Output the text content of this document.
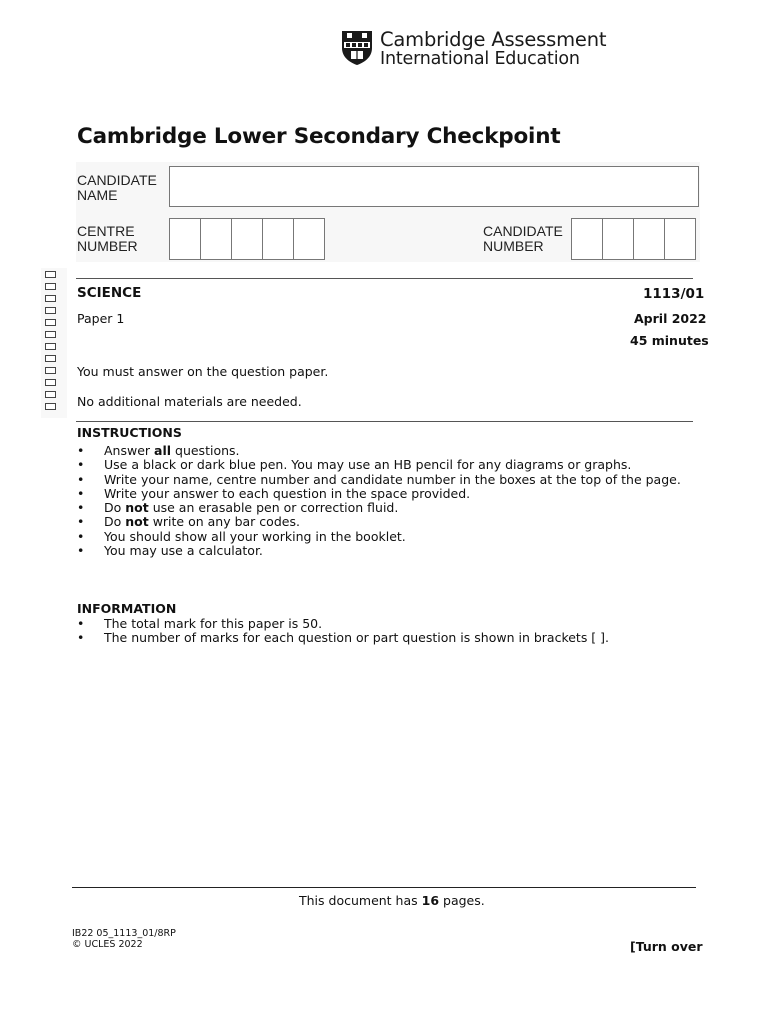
Cambridge Assessment
International Education
Cambridge Lower Secondary Checkpoint
CANDIDATE
NAME
CENTRE
NUMBER
CANDIDATE
NUMBER
SCIENCE	1113/01
Paper 1	April 2022
45 minutes
You must answer on the question paper.
No additional materials are needed.
INSTRUCTIONS
• Answer all questions.
• Use a black or dark blue pen. You may use an HB pencil for any diagrams or graphs.
• Write your name, centre number and candidate number in the boxes at the top of the page.
• Write your answer to each question in the space provided.
• Do not use an erasable pen or correction fluid.
• Do not write on any bar codes.
• You should show all your working in the booklet.
• You may use a calculator.
INFORMATION
• The total mark for this paper is 50.
• The number of marks for each question or part question is shown in brackets [ ].
This document has 16 pages.
IB22 05_1113_01/8RP
© UCLES 2022	[Turn over
